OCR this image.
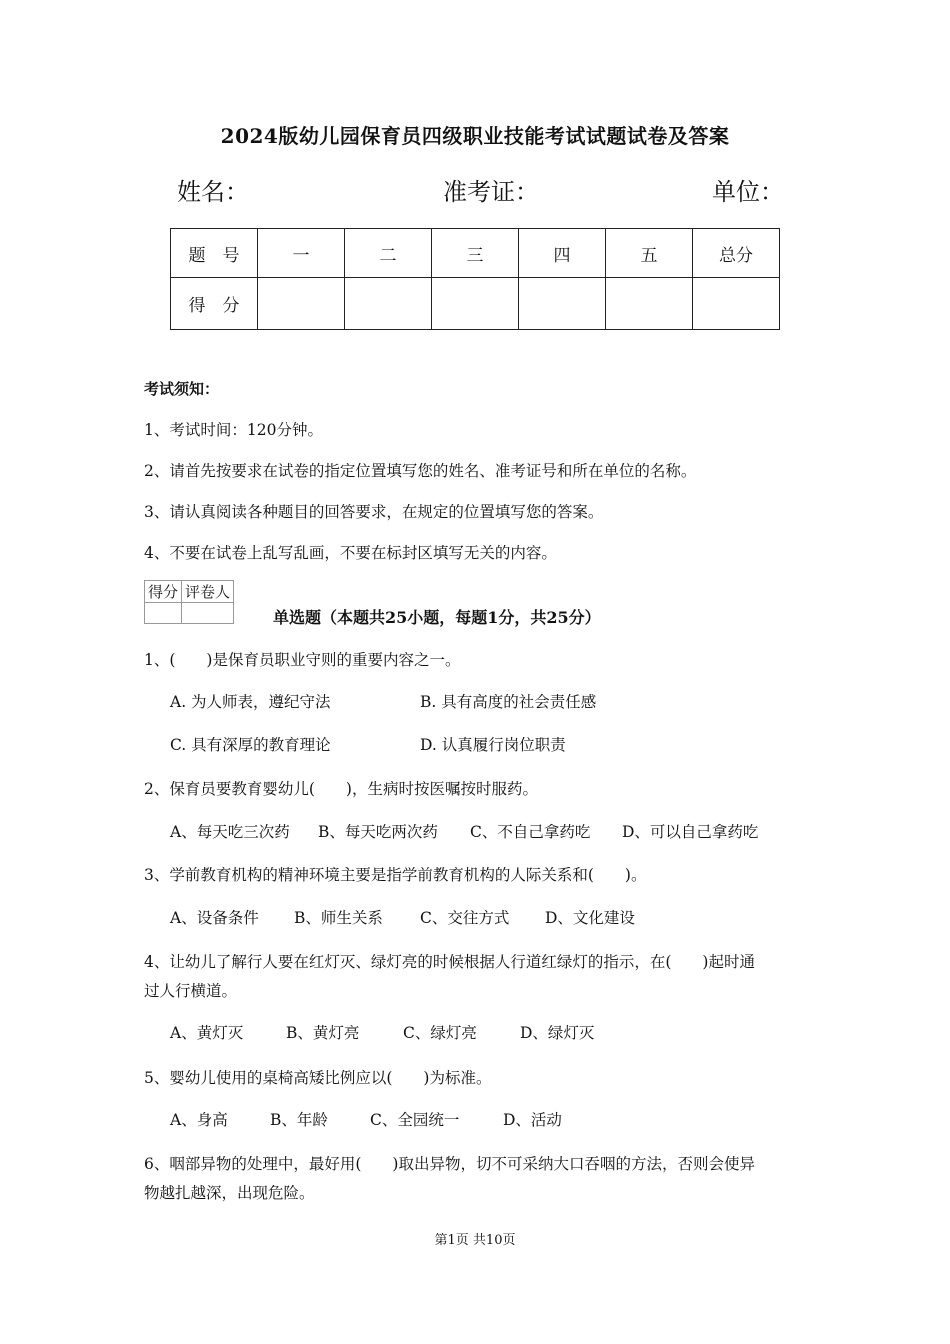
2024版幼儿园保育员四级职业技能考试试题试卷及答案
姓名：	准考证：	单位：
题　号	一	二	三	四	五	总分
得　分						
考试须知：
1、考试时间：120分钟。
2、请首先按要求在试卷的指定位置填写您的姓名、准考证号和所在单位的名称。
3、请认真阅读各种题目的回答要求，在规定的位置填写您的答案。
4、不要在试卷上乱写乱画，不要在标封区填写无关的内容。
得分	评卷人

单选题（本题共25小题，每题1分，共25分）
1、(　　)是保育员职业守则的重要内容之一。
A. 为人师表，遵纪守法	B. 具有高度的社会责任感
C. 具有深厚的教育理论	D. 认真履行岗位职责
2、保育员要教育婴幼儿(　　)，生病时按医嘱按时服药。
A、每天吃三次药 B、每天吃两次药 C、不自己拿药吃 D、可以自己拿药吃
3、学前教育机构的精神环境主要是指学前教育机构的人际关系和(　　)。
A、设备条件 B、师生关系 C、交往方式 D、文化建设
4、让幼儿了解行人要在红灯灭、绿灯亮的时候根据人行道红绿灯的指示，在(　　)起时通
过人行横道。
A、黄灯灭	B、黄灯亮	C、绿灯亮	D、绿灯灭
5、婴幼儿使用的桌椅高矮比例应以(　　)为标准。
A、身高	B、年龄	C、全园统一	D、活动
6、咽部异物的处理中，最好用(　　)取出异物，切不可采纳大口吞咽的方法，否则会使异
物越扎越深，出现危险。
第1页 共10页
